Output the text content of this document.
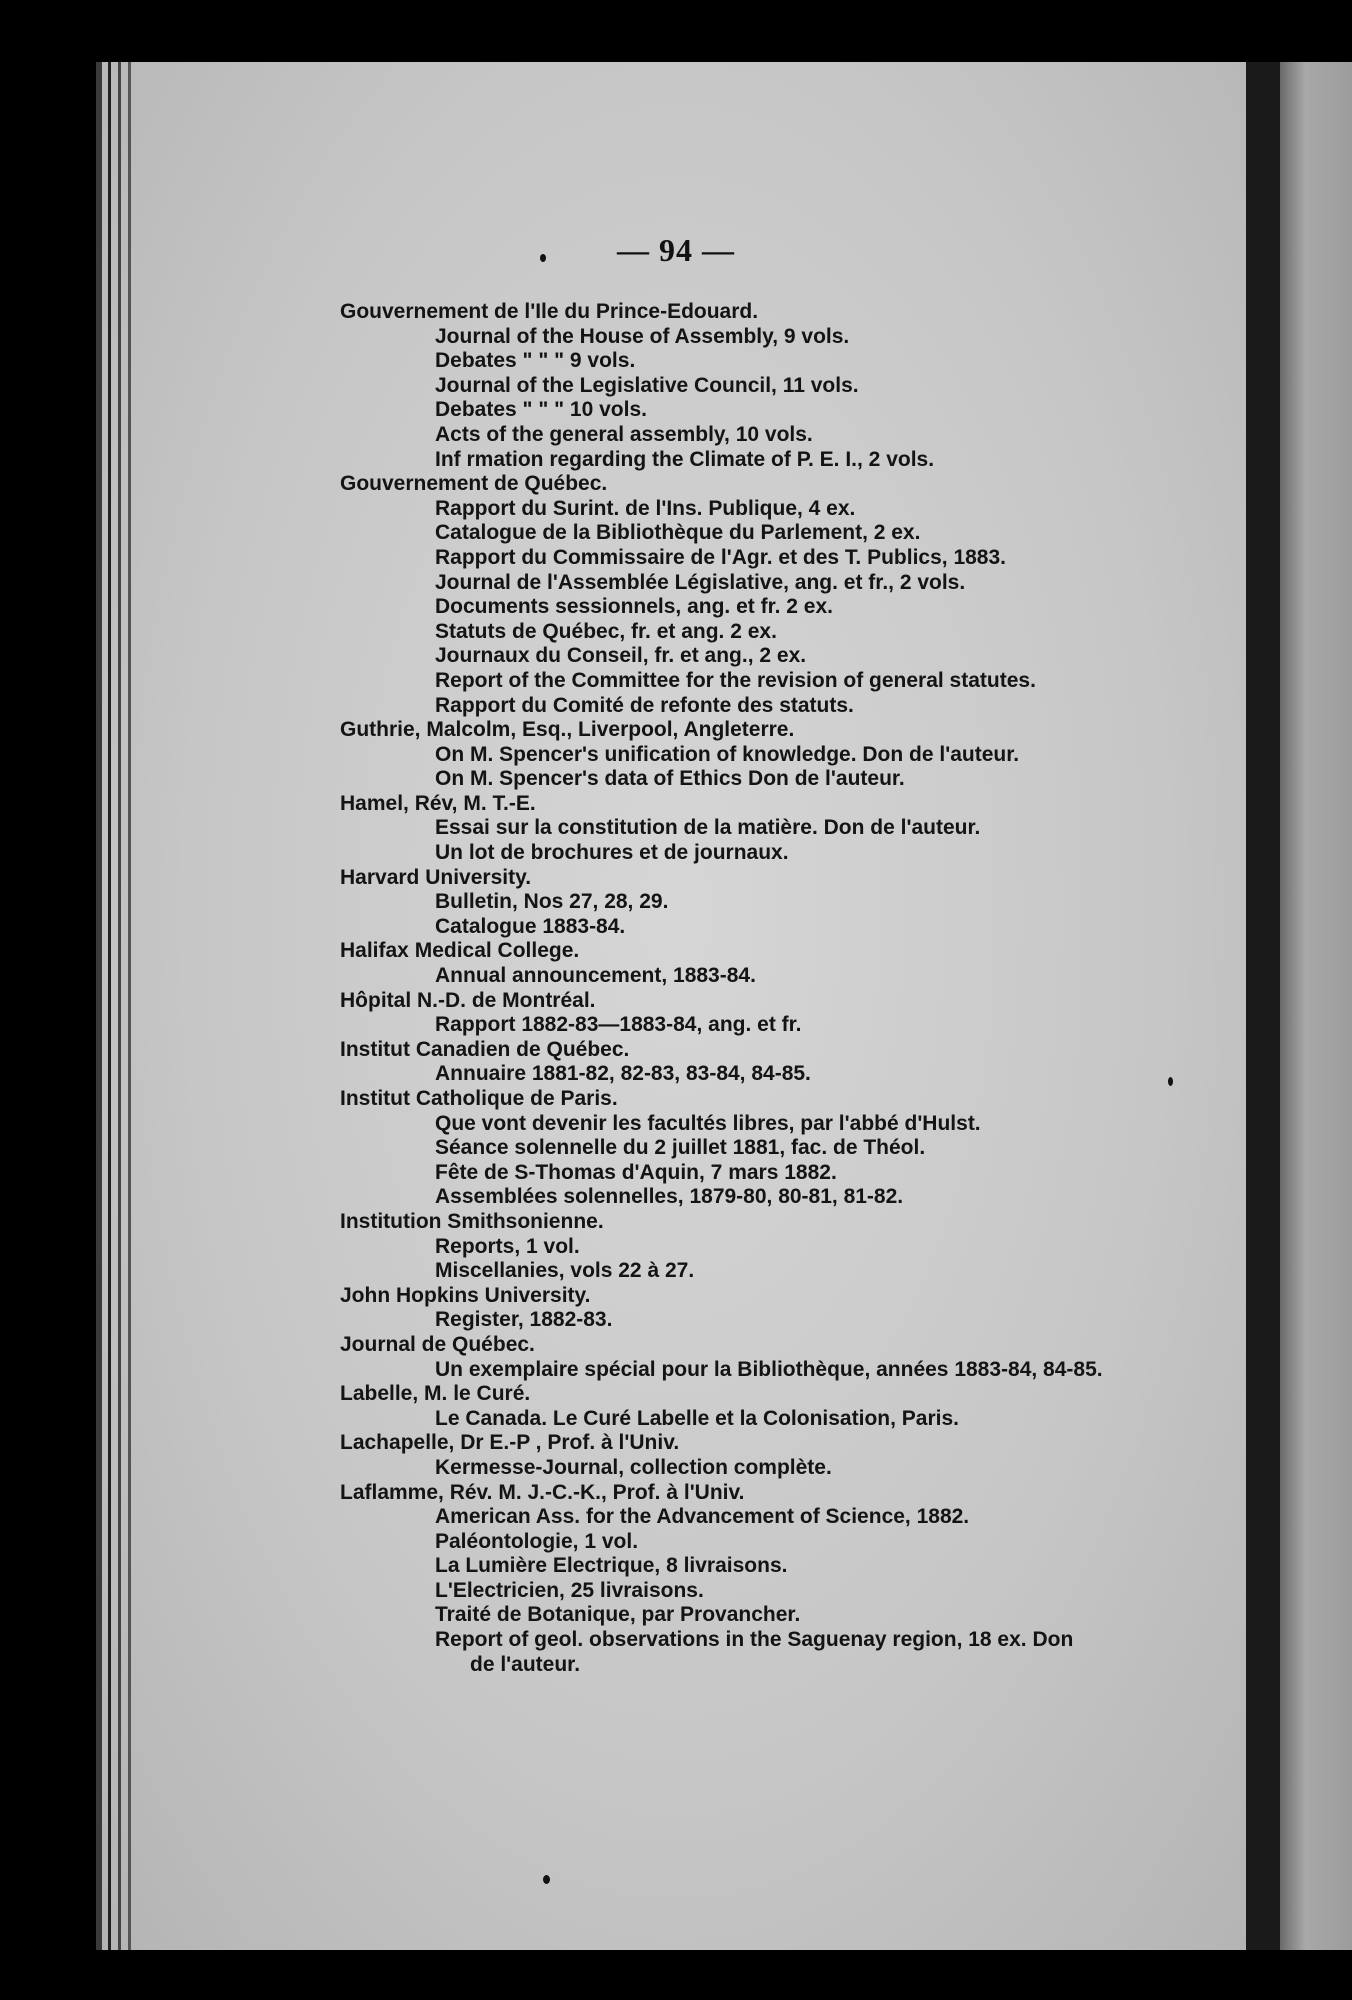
— 94 —
Gouvernement de l'Ile du Prince-Edouard.
Journal of the House of Assembly, 9 vols.
Debates " " " 9 vols.
Journal of the Legislative Council, 11 vols.
Debates " " " 10 vols.
Acts of the general assembly, 10 vols.
Inf rmation regarding the Climate of P. E. I., 2 vols.
Gouvernement de Québec.
Rapport du Surint. de l'Ins. Publique, 4 ex.
Catalogue de la Bibliothèque du Parlement, 2 ex.
Rapport du Commissaire de l'Agr. et des T. Publics, 1883.
Journal de l'Assemblée Législative, ang. et fr., 2 vols.
Documents sessionnels, ang. et fr. 2 ex.
Statuts de Québec, fr. et ang. 2 ex.
Journaux du Conseil, fr. et ang., 2 ex.
Report of the Committee for the revision of general statutes.
Rapport du Comité de refonte des statuts.
Guthrie, Malcolm, Esq., Liverpool, Angleterre.
On M. Spencer's unification of knowledge. Don de l'auteur.
On M. Spencer's data of Ethics Don de l'auteur.
Hamel, Rév, M. T.-E.
Essai sur la constitution de la matière. Don de l'auteur.
Un lot de brochures et de journaux.
Harvard University.
Bulletin, Nos 27, 28, 29.
Catalogue 1883-84.
Halifax Medical College.
Annual announcement, 1883-84.
Hôpital N.-D. de Montréal.
Rapport 1882-83—1883-84, ang. et fr.
Institut Canadien de Québec.
Annuaire 1881-82, 82-83, 83-84, 84-85.
Institut Catholique de Paris.
Que vont devenir les facultés libres, par l'abbé d'Hulst.
Séance solennelle du 2 juillet 1881, fac. de Théol.
Fête de S-Thomas d'Aquin, 7 mars 1882.
Assemblées solennelles, 1879-80, 80-81, 81-82.
Institution Smithsonienne.
Reports, 1 vol.
Miscellanies, vols 22 à 27.
John Hopkins University.
Register, 1882-83.
Journal de Québec.
Un exemplaire spécial pour la Bibliothèque, années 1883-84, 84-85.
Labelle, M. le Curé.
Le Canada. Le Curé Labelle et la Colonisation, Paris.
Lachapelle, Dr E.-P , Prof. à l'Univ.
Kermesse-Journal, collection complète.
Laflamme, Rév. M. J.-C.-K., Prof. à l'Univ.
American Ass. for the Advancement of Science, 1882.
Paléontologie, 1 vol.
La Lumière Electrique, 8 livraisons.
L'Electricien, 25 livraisons.
Traité de Botanique, par Provancher.
Report of geol. observations in the Saguenay region, 18 ex. Don
de l'auteur.
